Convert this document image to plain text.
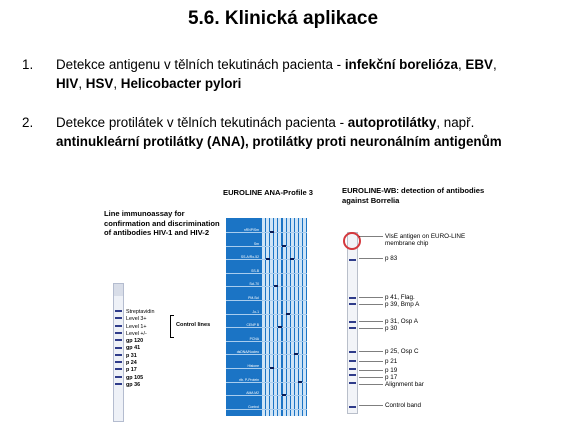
5.6. Klinická aplikace
1. Detekce antigenu v tělních tekutinách pacienta - infekční borelióza, EBV,
HIV, HSV, Helicobacter pylori
2. Detekce protilátek v tělních tekutinách pacienta - autoprotilátky, např.
antinukleární protilátky (ANA), protilátky proti neuronálním antigenům
Line immunoassay for confirmation and discrimination of antibodies HIV-1 and HIV-2
Streptavidin
Level 3+
Level 1+
Level +/-
gp 120
gp 41
p 31
p 24
p 17
gp 105
gp 36
Control lines
EUROLINE ANA-Profile 3
nRNP/Sm
Sm
SS-A/Ro-52
SS-B
Scl-70
PM-Scl
Jo-1
CENP B
PCNA
dsDNA/Nucleo
Histone
rib. P-Protein
AMA M2
Control
EUROLINE-WB: detection of antibodies against Borrelia
VlsE antigen on EURO-LINE membrane chip
p 83
p 41, Flag.
p 39, Bmp A
p 31, Osp A
p 30
p 25, Osp C
p 21
p 19
p 17
Alignment bar
Control band
